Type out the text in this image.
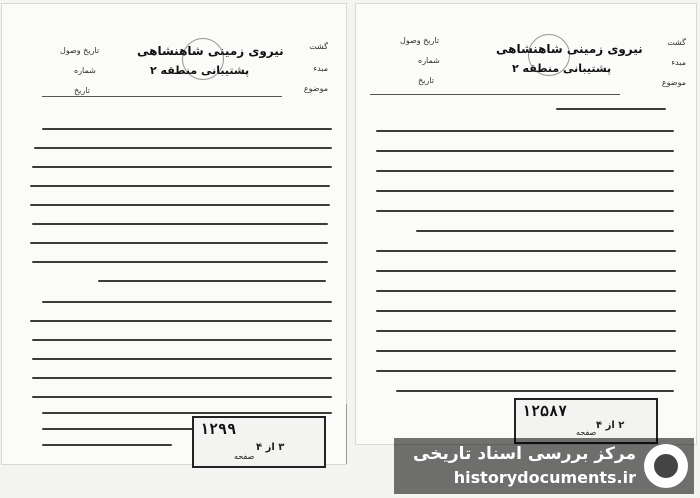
گشت
مبدء
موضوع
نیروی زمینی شاهنشاهی
پشتیبانی منطقه ۲
تاریخ وصول
شماره
تاریخ
۱۲۹۹
صفحه
۳ از ۴
گشت
مبدء
موضوع
نیروی زمینی شاهنشاهی
پشتیبانی منطقه ۲
تاریخ وصول
شماره
تاریخ
۱۲۵۸۷
صفحه
۲ از ۴
مرکز بررسی اسناد تاریخی
historydocuments.ir
